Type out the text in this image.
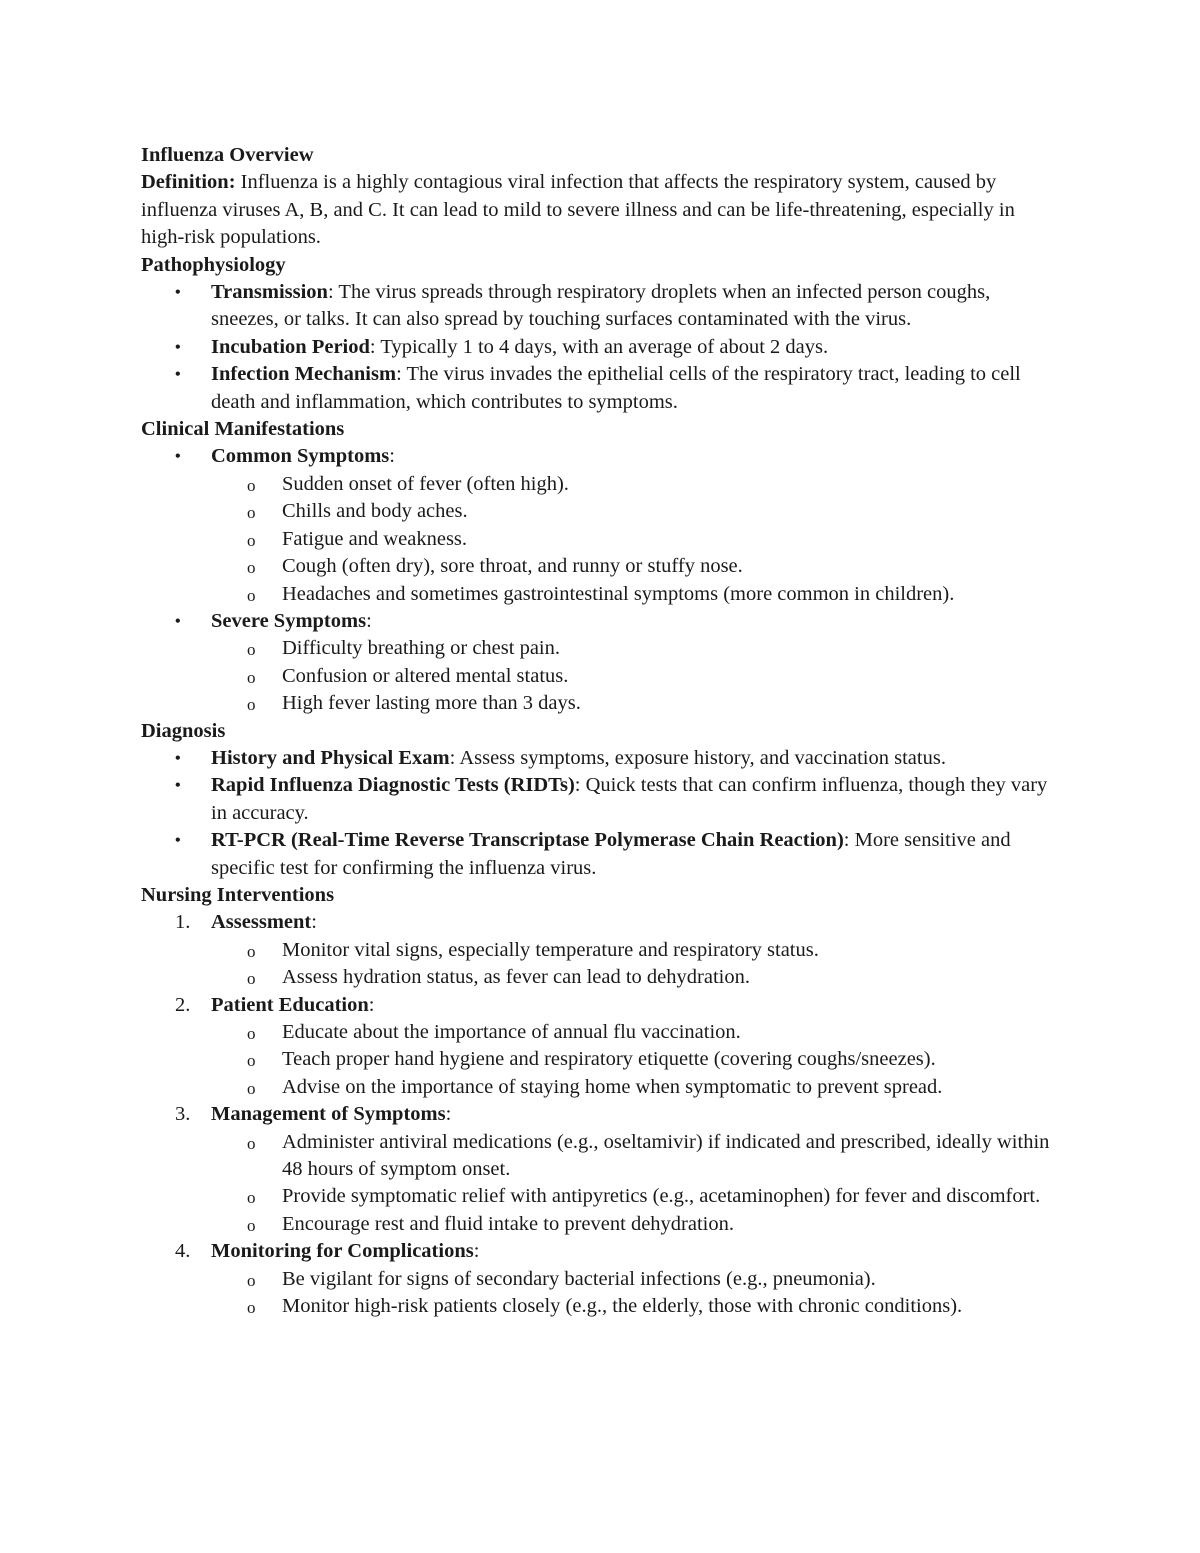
Influenza Overview

Definition: Influenza is a highly contagious viral infection that affects the respiratory system, caused by influenza viruses A, B, and C. It can lead to mild to severe illness and can be life-threatening, especially in high-risk populations.

Pathophysiology

• Transmission: The virus spreads through respiratory droplets when an infected person coughs, sneezes, or talks. It can also spread by touching surfaces contaminated with the virus.
• Incubation Period: Typically 1 to 4 days, with an average of about 2 days.
• Infection Mechanism: The virus invades the epithelial cells of the respiratory tract, leading to cell death and inflammation, which contributes to symptoms.

Clinical Manifestations

• Common Symptoms:
o Sudden onset of fever (often high).
o Chills and body aches.
o Fatigue and weakness.
o Cough (often dry), sore throat, and runny or stuffy nose.
o Headaches and sometimes gastrointestinal symptoms (more common in children).
• Severe Symptoms:
o Difficulty breathing or chest pain.
o Confusion or altered mental status.
o High fever lasting more than 3 days.

Diagnosis

• History and Physical Exam: Assess symptoms, exposure history, and vaccination status.
• Rapid Influenza Diagnostic Tests (RIDTs): Quick tests that can confirm influenza, though they vary in accuracy.
• RT-PCR (Real-Time Reverse Transcriptase Polymerase Chain Reaction): More sensitive and specific test for confirming the influenza virus.

Nursing Interventions

1. Assessment:
o Monitor vital signs, especially temperature and respiratory status.
o Assess hydration status, as fever can lead to dehydration.
2. Patient Education:
o Educate about the importance of annual flu vaccination.
o Teach proper hand hygiene and respiratory etiquette (covering coughs/sneezes).
o Advise on the importance of staying home when symptomatic to prevent spread.
3. Management of Symptoms:
o Administer antiviral medications (e.g., oseltamivir) if indicated and prescribed, ideally within 48 hours of symptom onset.
o Provide symptomatic relief with antipyretics (e.g., acetaminophen) for fever and discomfort.
o Encourage rest and fluid intake to prevent dehydration.
4. Monitoring for Complications:
o Be vigilant for signs of secondary bacterial infections (e.g., pneumonia).
o Monitor high-risk patients closely (e.g., the elderly, those with chronic conditions).
